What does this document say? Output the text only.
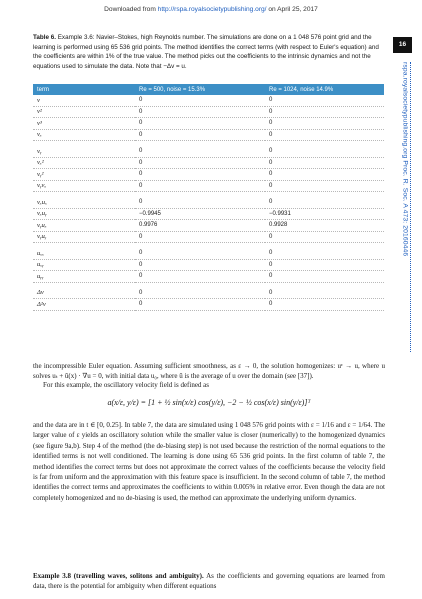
Downloaded from http://rspa.royalsocietypublishing.org/ on April 25, 2017
16
rspa.royalsocietypublishing.org Proc. R. Soc. A 473: 20160446
Table 6. Example 3.6: Navier–Stokes, high Reynolds number. The simulations are done on a 1 048 576 point grid and the learning is performed using 65 536 grid points. The method identifies the correct terms (with respect to Euler's equation) and the coefficients are within 1% of the true value. The method picks out the coefficients to the intrinsic dynamics and not the equations used to simulate the data. Note that −Δv = u.
term	Re = 500, noise = 15.3%	Re = 1024, noise 14.9%
v	0	0
v²	0	0
v³	0	0
vₓ	0	0

vᵧ	0	0
vₓ²	0	0
vᵧ²	0	0
vᵧvₓ	0	0

vₓuₓ	0	0
vₓuᵧ	−0.9945	−0.9931
vᵧuₓ	0.9976	0.9928
vᵧuᵧ	0	0

uₓₓ	0	0
uₓᵧ	0	0
uᵧᵧ	0	0

Δv	0	0
Δ²v	0	0
the incompressible Euler equation. Assuming sufficient smoothness, as ε → 0, the solution homogenizes: uᵋ → u, where u solves uₜ + ū(x) · ∇u = 0, with initial data u₀, where ū is the average of u over the domain (see [37]).
For this example, the oscillatory velocity field is defined as
a(x/ε, y/ε) = [1 + ½ sin(x/ε) cos(y/ε), −2 − ½ cos(x/ε) sin(y/ε)]ᵀ
and the data are in t ∈ [0, 0.25]. In table 7, the data are simulated using 1 048 576 grid points with ε = 1/16 and ε = 1/64. The larger value of ε yields an oscillatory solution while the smaller value is closer (numerically) to the homogenized dynamics (see figure 9a,b). Step 4 of the method (the de-biasing step) is not used because the restriction of the normal equations to the identified terms is not well conditioned. The learning is done using 65 536 grid points. In the first column of table 7, the method identifies the correct terms but does not approximate the correct values of the coefficients because the velocity field is far from uniform and the approximation with this feature space is insufficient. In the second column of table 7, the method identifies the correct terms and approximates the coefficients to within 0.005% in relative error. Even though the data are not completely homogenized and no de-biasing is used, the method can approximate the underlying uniform dynamics.
Example 3.8 (travelling waves, solitons and ambiguity). As the coefficients and governing equations are learned from data, there is the potential for ambiguity when different equations
